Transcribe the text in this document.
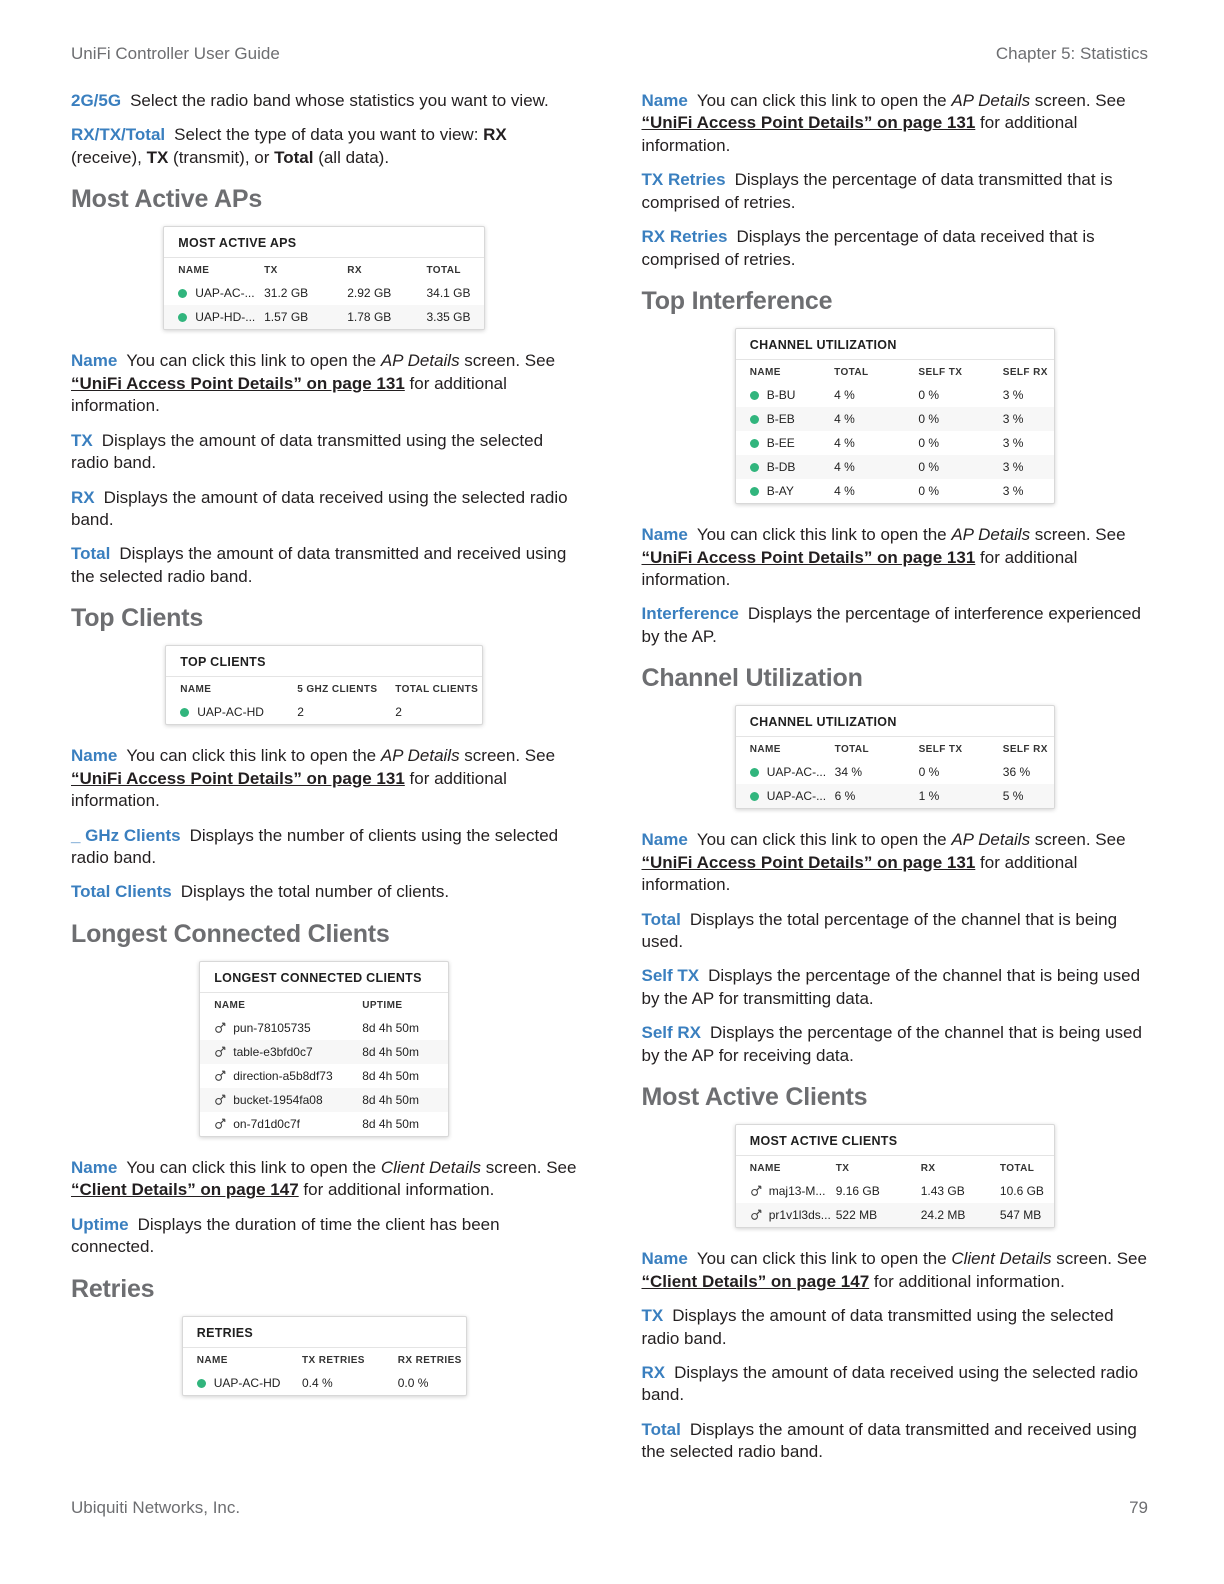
UniFi Controller User Guide	Chapter 5: Statistics

2G/5G Select the radio band whose statistics you want to view.

RX/TX/Total Select the type of data you want to view: RX (receive), TX (transmit), or Total (all data).

Most Active APs
MOST ACTIVE APS
NAME	TX	RX	TOTAL
UAP-AC-...	31.2 GB	2.92 GB	34.1 GB
UAP-HD-...	1.57 GB	1.78 GB	3.35 GB

Name You can click this link to open the AP Details screen. See “UniFi Access Point Details” on page 131 for additional information.

TX Displays the amount of data transmitted using the selected radio band.

RX Displays the amount of data received using the selected radio band.

Total Displays the amount of data transmitted and received using the selected radio band.

Top Clients
TOP CLIENTS
NAME	5 GHZ CLIENTS	TOTAL CLIENTS
UAP-AC-HD	2	2

Name You can click this link to open the AP Details screen. See “UniFi Access Point Details” on page 131 for additional information.

_ GHz Clients Displays the number of clients using the selected radio band.

Total Clients Displays the total number of clients.

Longest Connected Clients
LONGEST CONNECTED CLIENTS
NAME	UPTIME
pun-78105735	8d 4h 50m
table-e3bfd0c7	8d 4h 50m
direction-a5b8df73	8d 4h 50m
bucket-1954fa08	8d 4h 50m
on-7d1d0c7f	8d 4h 50m

Name You can click this link to open the Client Details screen. See “Client Details” on page 147 for additional information.

Uptime Displays the duration of time the client has been connected.

Retries
RETRIES
NAME	TX RETRIES	RX RETRIES
UAP-AC-HD	0.4 %	0.0 %

Name You can click this link to open the AP Details screen. See “UniFi Access Point Details” on page 131 for additional information.

TX Retries Displays the percentage of data transmitted that is comprised of retries.

RX Retries Displays the percentage of data received that is comprised of retries.

Top Interference
CHANNEL UTILIZATION
NAME	TOTAL	SELF TX	SELF RX
B-BU	4 %	0 %	3 %
B-EB	4 %	0 %	3 %
B-EE	4 %	0 %	3 %
B-DB	4 %	0 %	3 %
B-AY	4 %	0 %	3 %

Name You can click this link to open the AP Details screen. See “UniFi Access Point Details” on page 131 for additional information.

Interference Displays the percentage of interference experienced by the AP.

Channel Utilization
CHANNEL UTILIZATION
NAME	TOTAL	SELF TX	SELF RX
UAP-AC-...	34 %	0 %	36 %
UAP-AC-...	6 %	1 %	5 %

Name You can click this link to open the AP Details screen. See “UniFi Access Point Details” on page 131 for additional information.

Total Displays the total percentage of the channel that is being used.

Self TX Displays the percentage of the channel that is being used by the AP for transmitting data.

Self RX Displays the percentage of the channel that is being used by the AP for receiving data.

Most Active Clients
MOST ACTIVE CLIENTS
NAME	TX	RX	TOTAL
maj13-M...	9.16 GB	1.43 GB	10.6 GB
pr1v1l3ds...	522 MB	24.2 MB	547 MB

Name You can click this link to open the Client Details screen. See “Client Details” on page 147 for additional information.

TX Displays the amount of data transmitted using the selected radio band.

RX Displays the amount of data received using the selected radio band.

Total Displays the amount of data transmitted and received using the selected radio band.

Ubiquiti Networks, Inc.	79
